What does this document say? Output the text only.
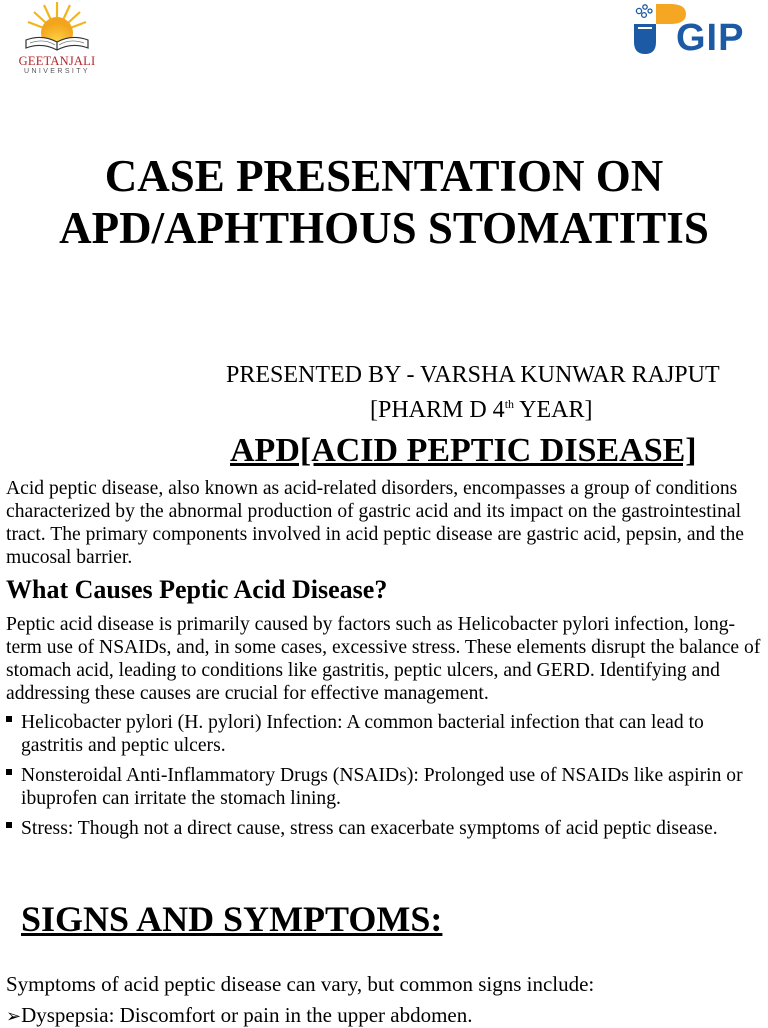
GEETANJALI
UNIVERSITY
GIP
CASE PRESENTATION ON
APD/APHTHOUS STOMATITIS
PRESENTED BY - VARSHA KUNWAR RAJPUT
[PHARM D 4th YEAR]
APD[ACID PEPTIC DISEASE]
Acid peptic disease, also known as acid-related disorders, encompasses a group of conditions characterized by the abnormal production of gastric acid and its impact on the gastrointestinal tract. The primary components involved in acid peptic disease are gastric acid, pepsin, and the mucosal barrier.
What Causes Peptic Acid Disease?
Peptic acid disease is primarily caused by factors such as Helicobacter pylori infection, long-term use of NSAIDs, and, in some cases, excessive stress. These elements disrupt the balance of stomach acid, leading to conditions like gastritis, peptic ulcers, and GERD. Identifying and addressing these causes are crucial for effective management.
Helicobacter pylori (H. pylori) Infection: A common bacterial infection that can lead to gastritis and peptic ulcers.
Nonsteroidal Anti-Inflammatory Drugs (NSAIDs): Prolonged use of NSAIDs like aspirin or ibuprofen can irritate the stomach lining.
Stress: Though not a direct cause, stress can exacerbate symptoms of acid peptic disease.
SIGNS AND SYMPTOMS:
Symptoms of acid peptic disease can vary, but common signs include:
➢Dyspepsia: Discomfort or pain in the upper abdomen.
